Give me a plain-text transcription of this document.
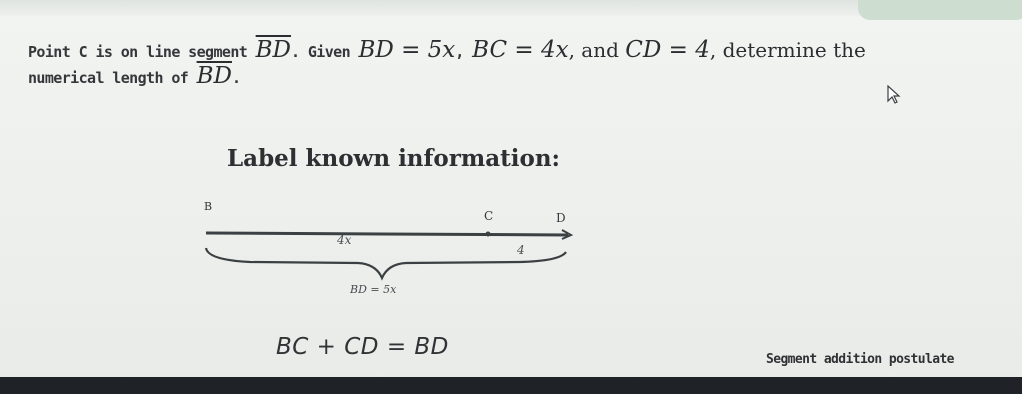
Point C is on line segment $\overline{BD}$. Given BD = 5x, BC = 4x, and CD = 4, determine the
numerical length of $\overline{BD}$.
Label known information:
B
C	D
4x
4
BD = 5x
BC + CD = BD	Segment addition postulate
